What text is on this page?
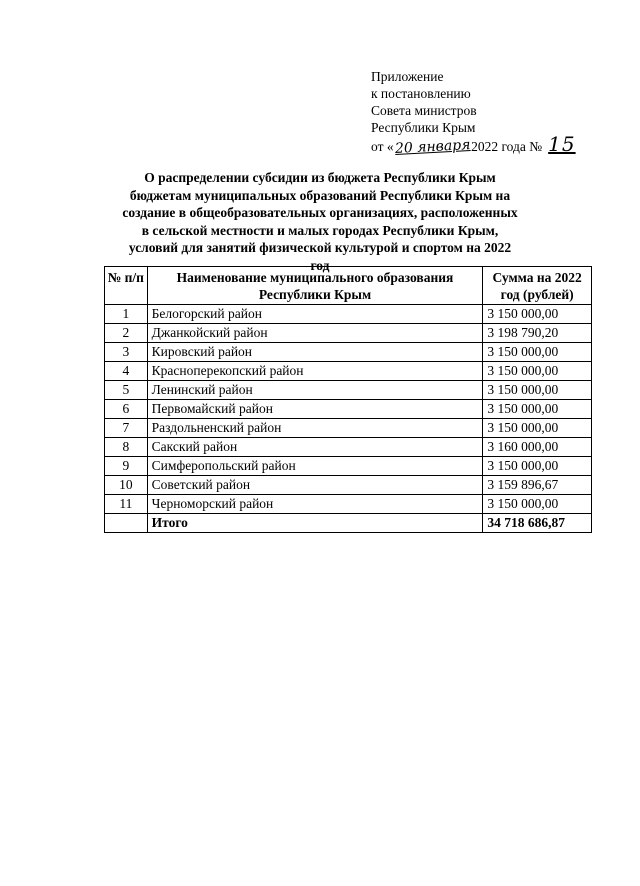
Приложение
к постановлению
Совета министров
Республики Крым
от «20 января2022 года № 15
О распределении субсидии из бюджета Республики Крым бюджетам муниципальных образований Республики Крым на создание в общеобразовательных организациях, расположенных в сельской местности и малых городах Республики Крым, условий для занятий физической культурой и спортом на 2022 год
№ п/п	Наименование муниципального образования Республики Крым	Сумма на 2022 год (рублей)
1	Белогорский район	3 150 000,00
2	Джанкойский район	3 198 790,20
3	Кировский район	3 150 000,00
4	Красноперекопский район	3 150 000,00
5	Ленинский район	3 150 000,00
6	Первомайский район	3 150 000,00
7	Раздольненский район	3 150 000,00
8	Сакский район	3 160 000,00
9	Симферопольский район	3 150 000,00
10	Советский район	3 159 896,67
11	Черноморский район	3 150 000,00
	Итого	34 718 686,87
